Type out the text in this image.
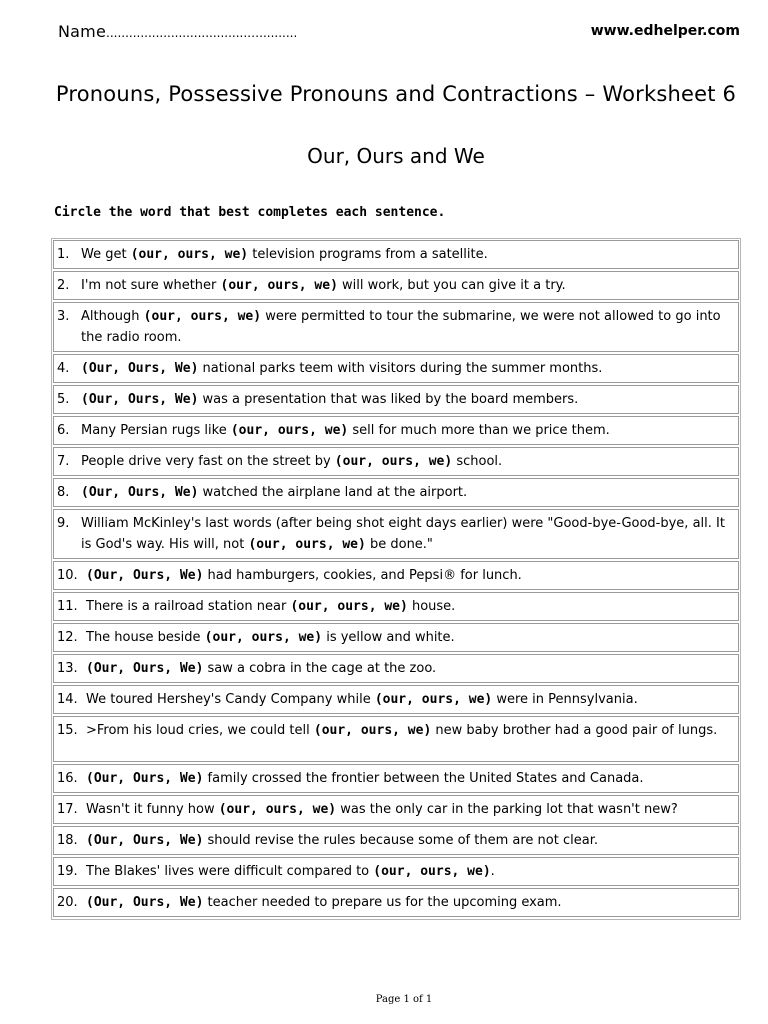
Name.....................................…..........	www.edhelper.com
Pronouns, Possessive Pronouns and Contractions – Worksheet 6
Our, Ours and We
Circle the word that best completes each sentence.
1. We get (our, ours, we) television programs from a satellite.
2. I'm not sure whether (our, ours, we) will work, but you can give it a try.
3. Although (our, ours, we) were permitted to tour the submarine, we were not allowed to go into the radio room.
4. (Our, Ours, We) national parks teem with visitors during the summer months.
5. (Our, Ours, We) was a presentation that was liked by the board members.
6. Many Persian rugs like (our, ours, we) sell for much more than we price them.
7. People drive very fast on the street by (our, ours, we) school.
8. (Our, Ours, We) watched the airplane land at the airport.
9. William McKinley's last words (after being shot eight days earlier) were "Good-bye-Good-bye, all. It is God's way. His will, not (our, ours, we) be done."
10. (Our, Ours, We) had hamburgers, cookies, and Pepsi® for lunch.
11. There is a railroad station near (our, ours, we) house.
12. The house beside (our, ours, we) is yellow and white.
13. (Our, Ours, We) saw a cobra in the cage at the zoo.
14. We toured Hershey's Candy Company while (our, ours, we) were in Pennsylvania.
15. >From his loud cries, we could tell (our, ours, we) new baby brother had a good pair of lungs.
16. (Our, Ours, We) family crossed the frontier between the United States and Canada.
17. Wasn't it funny how (our, ours, we) was the only car in the parking lot that wasn't new?
18. (Our, Ours, We) should revise the rules because some of them are not clear.
19. The Blakes' lives were difficult compared to (our, ours, we).
20. (Our, Ours, We) teacher needed to prepare us for the upcoming exam.
Page 1 of 1
